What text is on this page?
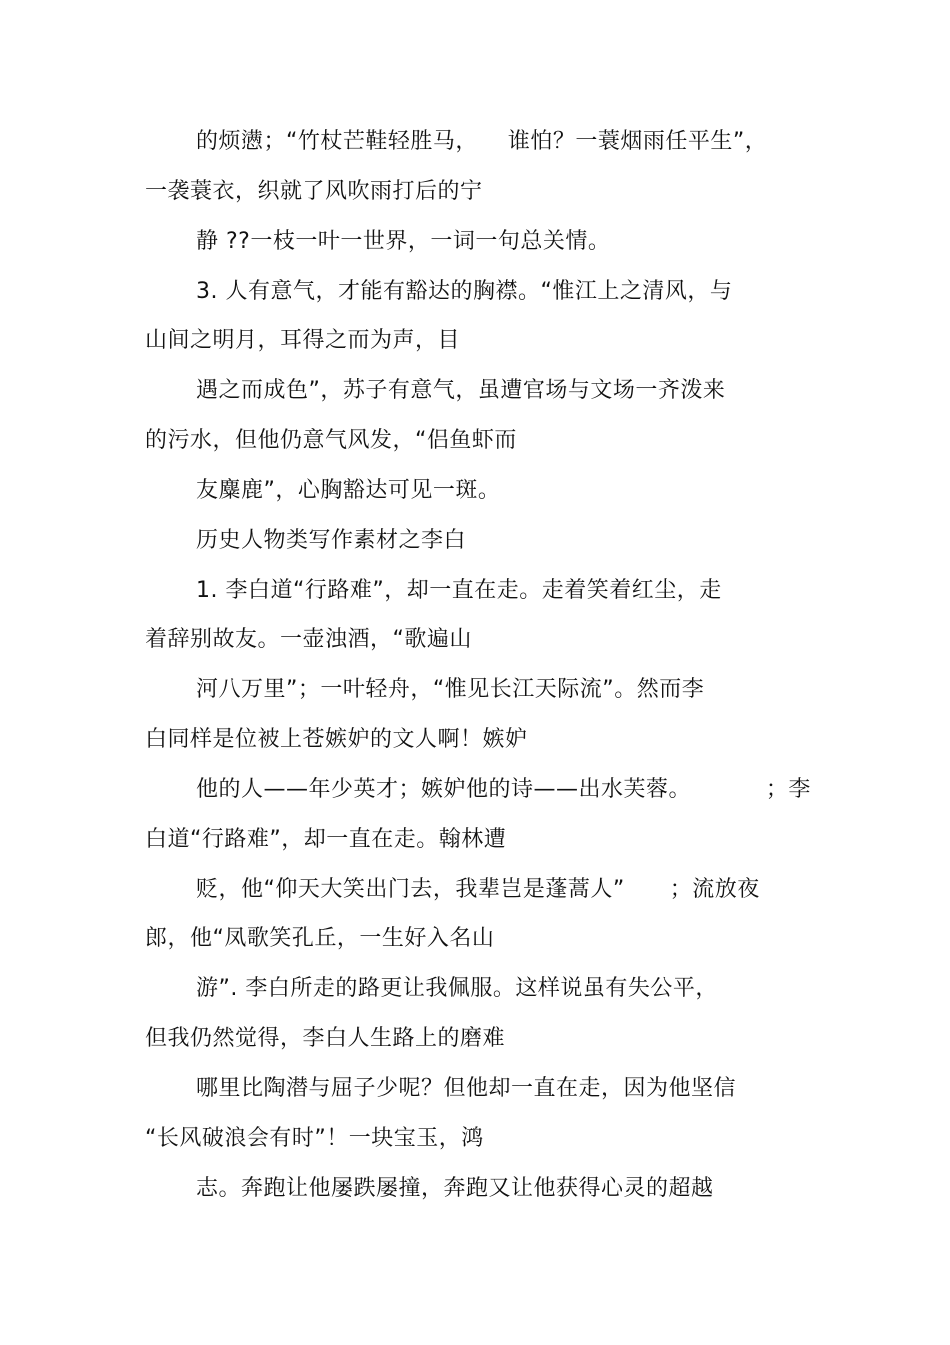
的烦懑；“竹杖芒鞋轻胜马，    谁怕？一蓑烟雨任平生”，
一袭蓑衣，织就了风吹雨打后的宁
静 ??一枝一叶一世界，一词一句总关情。
3. 人有意气，才能有豁达的胸襟。“惟江上之清风，与
山间之明月，耳得之而为声，目
遇之而成色”，苏子有意气，虽遭官场与文场一齐泼来
的污水，但他仍意气风发，“侣鱼虾而
友麋鹿”，心胸豁达可见一斑。
历史人物类写作素材之李白
1. 李白道“行路难”，却一直在走。走着笑着红尘，走
着辞别故友。一壶浊酒，“歌遍山
河八万里”；一叶轻舟，“惟见长江天际流”。然而李
白同样是位被上苍嫉妒的文人啊！嫉妒
他的人——年少英才；嫉妒他的诗——出水芙蓉。          ；李
白道“行路难”，却一直在走。翰林遭
贬，他“仰天大笑出门去，我辈岂是蓬蒿人”      ；流放夜
郎，他“凤歌笑孔丘，一生好入名山
游”. 李白所走的路更让我佩服。这样说虽有失公平，
但我仍然觉得，李白人生路上的磨难
哪里比陶潜与屈子少呢？但他却一直在走，因为他坚信
“长风破浪会有时”！一块宝玉，鸿
志。奔跑让他屡跌屡撞，奔跑又让他获得心灵的超越
